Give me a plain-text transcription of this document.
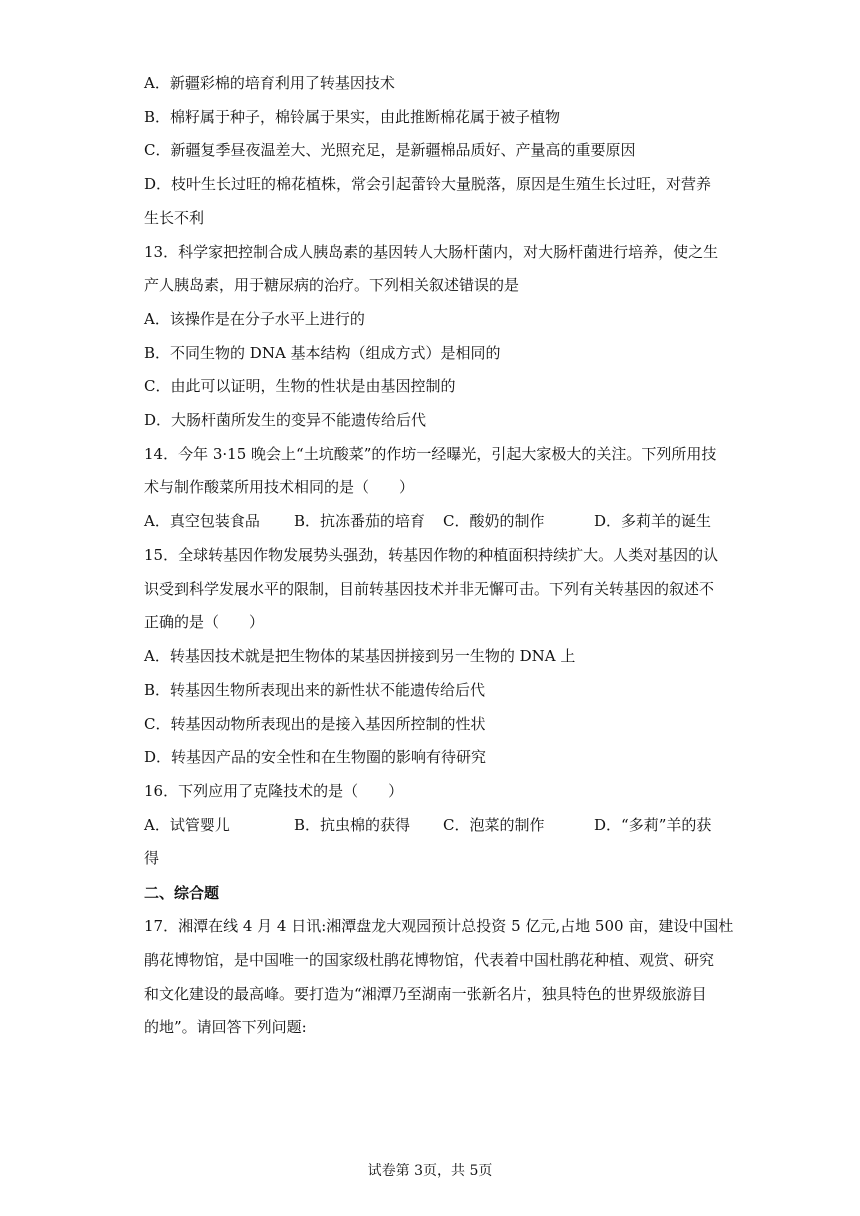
A．新疆彩棉的培育利用了转基因技术
B．棉籽属于种子，棉铃属于果实，由此推断棉花属于被子植物
C．新疆复季昼夜温差大、光照充足，是新疆棉品质好、产量高的重要原因
D．枝叶生长过旺的棉花植株，常会引起蕾铃大量脱落，原因是生殖生长过旺，对营养
生长不利
13．科学家把控制合成人胰岛素的基因转人大肠杆菌内，对大肠杆菌进行培养，使之生
产人胰岛素，用于糖尿病的治疗。下列相关叙述错误的是
A．该操作是在分子水平上进行的
B．不同生物的 DNA 基本结构（组成方式）是相同的
C．由此可以证明，生物的性状是由基因控制的
D．大肠杆菌所发生的变异不能遗传给后代
14．今年 3·15 晚会上“土坑酸菜”的作坊一经曝光，引起大家极大的关注。下列所用技
术与制作酸菜所用技术相同的是（　　）
A．真空包装食品 B．抗冻番茄的培育 C．酸奶的制作	D．多莉羊的诞生
15．全球转基因作物发展势头强劲，转基因作物的种植面积持续扩大。人类对基因的认
识受到科学发展水平的限制，目前转基因技术并非无懈可击。下列有关转基因的叙述不
正确的是（　　）
A．转基因技术就是把生物体的某基因拼接到另一生物的 DNA 上
B．转基因生物所表现出来的新性状不能遗传给后代
C．转基因动物所表现出的是接入基因所控制的性状
D．转基因产品的安全性和在生物圈的影响有待研究
16．下列应用了克隆技术的是（　　）
A．试管婴儿	B．抗虫棉的获得 C．泡菜的制作	D．“多莉”羊的获
得
二、综合题
17．湘潭在线 4 月 4 日讯:湘潭盘龙大观园预计总投资 5 亿元,占地 500 亩，建设中国杜
鹃花博物馆，是中国唯一的国家级杜鹃花博物馆，代表着中国杜鹃花种植、观赏、研究
和文化建设的最高峰。要打造为“湘潭乃至湖南一张新名片，独具特色的世界级旅游目
的地”。请回答下列问题:
试卷第 3页，共 5页
